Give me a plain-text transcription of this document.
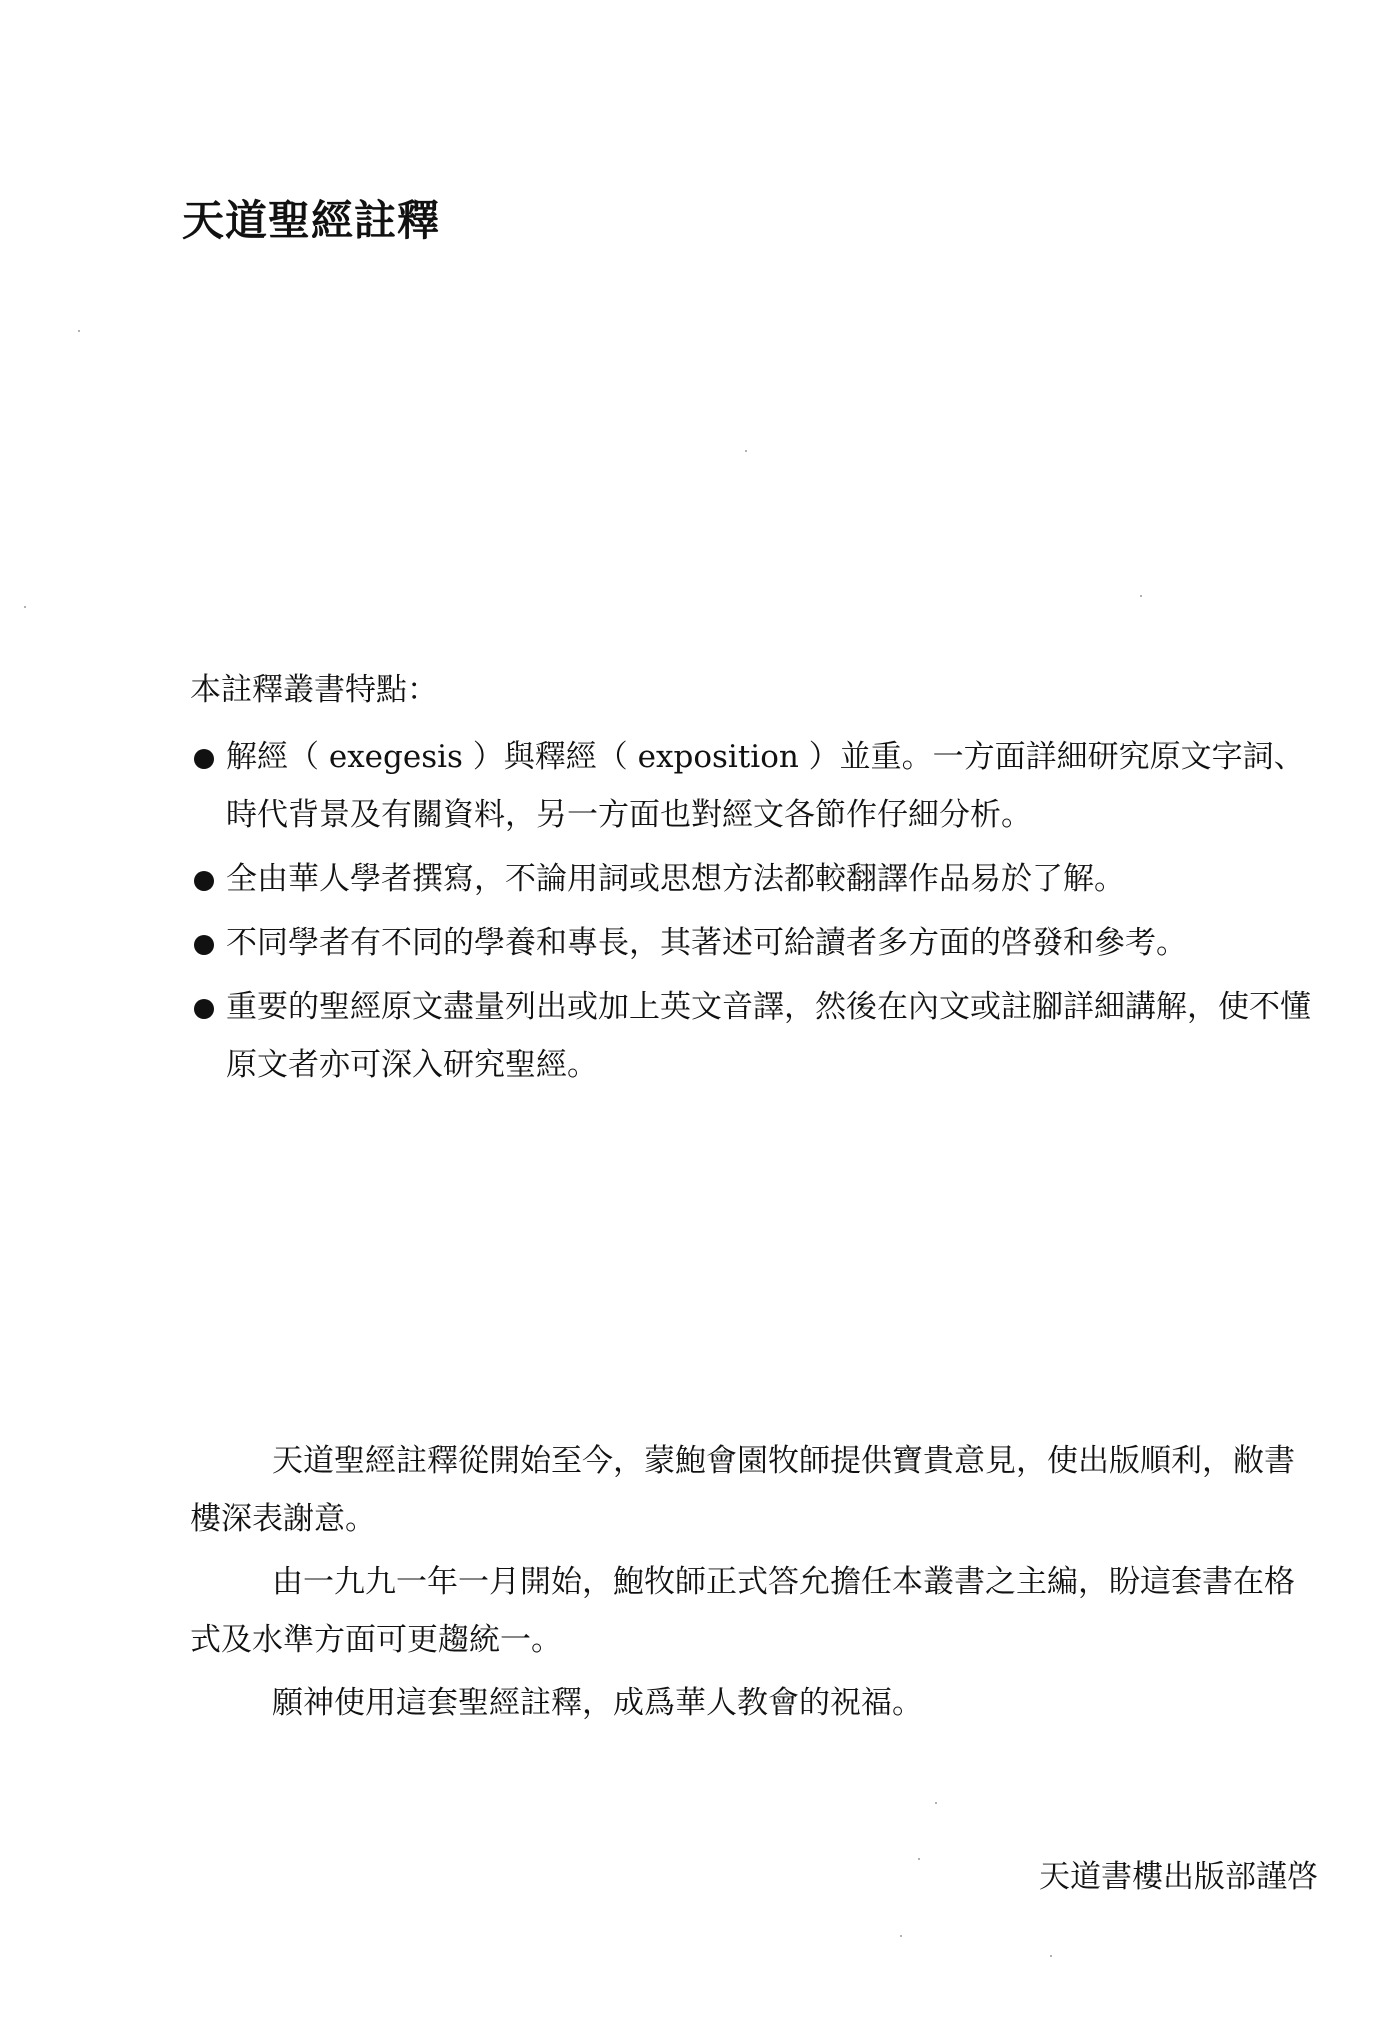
天道聖經註釋

本註釋叢書特點：

解經（ exegesis ）與釋經（ exposition ）並重。一方面詳細研究原文字詞、時代背景及有關資料，另一方面也對經文各節作仔細分析。
全由華人學者撰寫，不論用詞或思想方法都較翻譯作品易於了解。
不同學者有不同的學養和專長，其著述可給讀者多方面的啓發和參考。
重要的聖經原文盡量列出或加上英文音譯，然後在內文或註腳詳細講解，使不懂原文者亦可深入研究聖經。

天道聖經註釋從開始至今，蒙鮑會園牧師提供寶貴意見，使出版順利，敝書樓深表謝意。

由一九九一年一月開始，鮑牧師正式答允擔任本叢書之主編，盼這套書在格式及水準方面可更趨統一。

願神使用這套聖經註釋，成爲華人教會的祝福。

天道書樓出版部謹啓
